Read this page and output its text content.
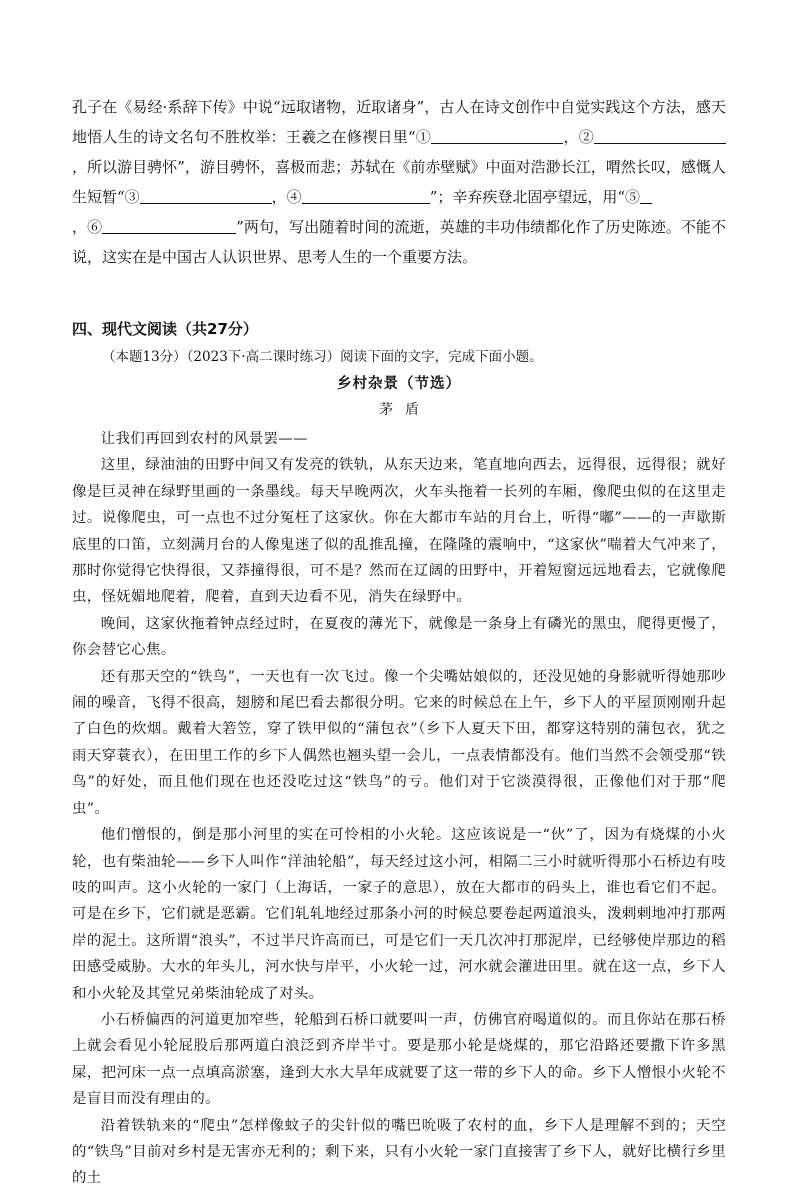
孔子在《易经·系辞下传》中说“远取诸物，近取诸身”，古人在诗文创作中自觉实践这个方法，感天地悟人生的诗文名句不胜枚举：王羲之在修禊日里“①	，②，所以游目骋怀”，游目骋怀，喜极而悲；苏轼在《前赤壁赋》中面对浩渺长江，喟然长叹，感慨人生短暂“③	，④	”；辛弃疾登北固亭望远，用“⑤
，⑥	”两句，写出随着时间的流逝，英雄的丰功伟绩都化作了历史陈迹。不能不说，这实在是中国古人认识世界、思考人生的一个重要方法。

四、现代文阅读（共27分）
（本题13分）（2023下·高二课时练习）阅读下面的文字，完成下面小题。
乡村杂景（节选）
茅盾

让我们再回到农村的风景罢——

这里，绿油油的田野中间又有发亮的铁轨，从东天边来，笔直地向西去，远得很，远得很；就好像是巨灵神在绿野里画的一条墨线。每天早晚两次，火车头拖着一长列的车厢，像爬虫似的在这里走过。说像爬虫，可一点也不过分冤枉了这家伙。你在大都市车站的月台上，听得“嘟”——的一声歇斯底里的口笛，立刻满月台的人像鬼迷了似的乱推乱撞，在隆隆的震响中，“这家伙”喘着大气冲来了，那时你觉得它快得很，又莽撞得很，可不是？然而在辽阔的田野中，开着短窗远远地看去，它就像爬虫，怪妩媚地爬着，爬着，直到天边看不见，消失在绿野中。

晚间，这家伙拖着钟点经过时，在夏夜的薄光下，就像是一条身上有磷光的黑虫，爬得更慢了，你会替它心焦。

还有那天空的“铁鸟”，一天也有一次飞过。像一个尖嘴姑娘似的，还没见她的身影就听得她那吵闹的噪音，飞得不很高，翅膀和尾巴看去都很分明。它来的时候总在上午，乡下人的平屋顶刚刚升起了白色的炊烟。戴着大箬笠，穿了铁甲似的“蒲包衣”（乡下人夏天下田，都穿这特别的蒲包衣，犹之雨天穿蓑衣），在田里工作的乡下人偶然也翘头望一会儿，一点表情都没有。他们当然不会领受那“铁鸟”的好处，而且他们现在也还没吃过这“铁鸟”的亏。他们对于它淡漠得很，正像他们对于那“爬虫”。

他们憎恨的，倒是那小河里的实在可怜相的小火轮。这应该说是一“伙”了，因为有烧煤的小火轮，也有柴油轮——乡下人叫作“洋油轮船”，每天经过这小河，相隔二三小时就听得那小石桥边有吱吱的叫声。这小火轮的一家门（上海话，一家子的意思），放在大都市的码头上，谁也看它们不起。可是在乡下，它们就是恶霸。它们轧轧地经过那条小河的时候总要卷起两道浪头，泼剌剌地冲打那两岸的泥土。这所谓“浪头”，不过半尺许高而已，可是它们一天几次冲打那泥岸，已经够使岸那边的稻田感受威胁。大水的年头儿，河水快与岸平，小火轮一过，河水就会灌进田里。就在这一点，乡下人和小火轮及其堂兄弟柴油轮成了对头。

小石桥偏西的河道更加窄些，轮船到石桥口就要叫一声，仿佛官府喝道似的。而且你站在那石桥上就会看见小轮屁股后那两道白浪泛到齐岸半寸。要是那小轮是烧煤的，那它沿路还要撒下许多黑屎，把河床一点一点填高淤塞，逢到大水大旱年成就要了这一带的乡下人的命。乡下人憎恨小火轮不是盲目而没有理由的。

沿着铁轨来的“爬虫”怎样像蚊子的尖针似的嘴巴吮吸了农村的血，乡下人是理解不到的；天空的“铁鸟”目前对乡村是无害亦无利的；剩下来，只有小火轮一家门直接害了乡下人，就好比横行乡里的土
